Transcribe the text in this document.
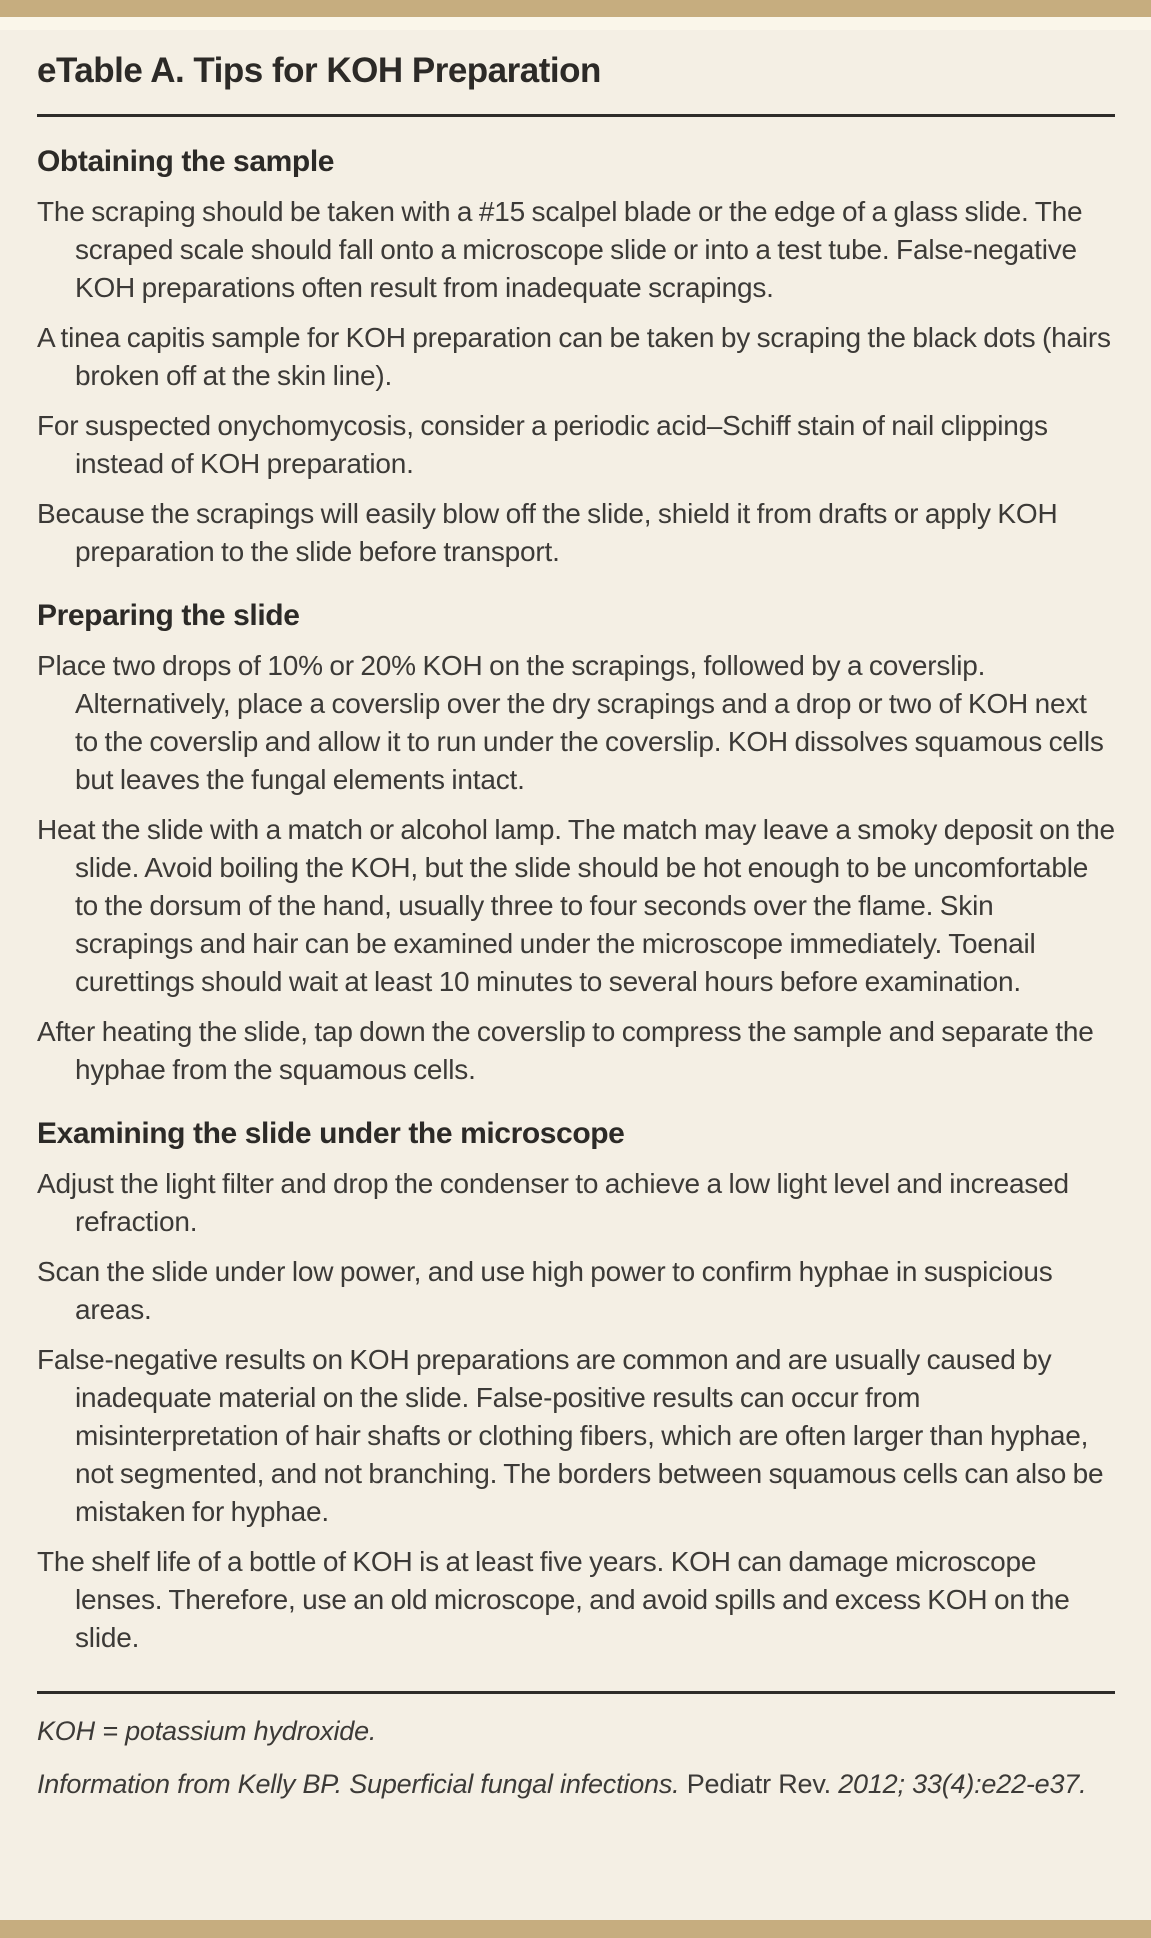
eTable A. Tips for KOH Preparation
Obtaining the sample

The scraping should be taken with a #15 scalpel blade or the edge of a glass slide. The scraped scale should fall onto a microscope slide or into a test tube. False-negative KOH preparations often result from inadequate scrapings.

A tinea capitis sample for KOH preparation can be taken by scraping the black dots (hairs broken off at the skin line).

For suspected onychomycosis, consider a periodic acid–Schiff stain of nail clippings instead of KOH preparation.

Because the scrapings will easily blow off the slide, shield it from drafts or apply KOH preparation to the slide before transport.

Preparing the slide

Place two drops of 10% or 20% KOH on the scrapings, followed by a coverslip. Alternatively, place a coverslip over the dry scrapings and a drop or two of KOH next to the coverslip and allow it to run under the coverslip. KOH dissolves squamous cells but leaves the fungal elements intact.

Heat the slide with a match or alcohol lamp. The match may leave a smoky deposit on the slide. Avoid boiling the KOH, but the slide should be hot enough to be uncomfortable to the dorsum of the hand, usually three to four seconds over the flame. Skin scrapings and hair can be examined under the microscope immediately. Toenail curettings should wait at least 10 minutes to several hours before examination.

After heating the slide, tap down the coverslip to compress the sample and separate the hyphae from the squamous cells.

Examining the slide under the microscope

Adjust the light filter and drop the condenser to achieve a low light level and increased refraction.

Scan the slide under low power, and use high power to confirm hyphae in suspicious areas.

False-negative results on KOH preparations are common and are usually caused by inadequate material on the slide. False-positive results can occur from misinterpretation of hair shafts or clothing fibers, which are often larger than hyphae, not segmented, and not branching. The borders between squamous cells can also be mistaken for hyphae.

The shelf life of a bottle of KOH is at least five years. KOH can damage microscope lenses. Therefore, use an old microscope, and avoid spills and excess KOH on the slide.

KOH = potassium hydroxide.

Information from Kelly BP. Superficial fungal infections. Pediatr Rev. 2012; 33(4):e22-e37.
